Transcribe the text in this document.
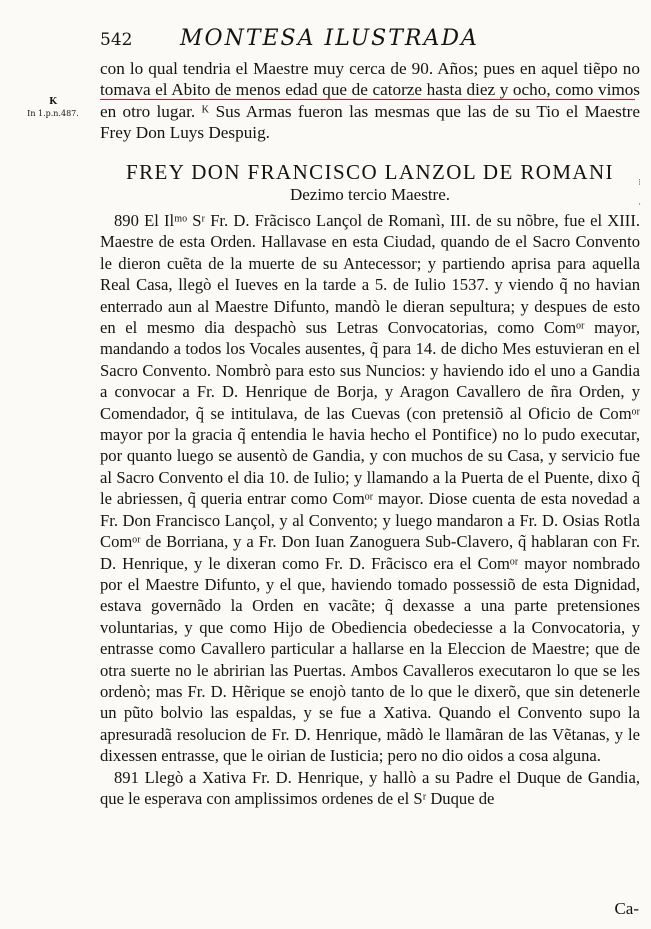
542 MONTESA ILUSTRADA
K
In 1.p.n.487.

con lo qual tendria el Maestre muy cerca de 90. Años; pues en aquel tiẽpo no tomava el Abito de menos edad que de catorze hasta diez y ocho, como vimos en otro lugar. ᴷ Sus Armas fueron las mesmas que las de su Tio el Maestre Frey Don Luys Despuig.

FREY DON FRANCISCO LANZOL DE ROMANI
Dezimo tercio Maestre.

890 El Ilᵐᵒ Sʳ Fr. D. Frãcisco Lançol de Romanì, III. de su nõbre, fue el XIII. Maestre de esta Orden. Hallavase en esta Ciudad, quando de el Sacro Convento le dieron cuẽta de la muerte de su Antecessor; y partiendo aprisa para aquella Real Casa, llegò el Iueves en la tarde a 5. de Iulio 1537. y viendo q̃ no havian enterrado aun al Maestre Difunto, mandò le dieran sepultura; y despues de esto en el mesmo dia despachò sus Letras Convocatorias, como Comᵒʳ mayor, mandando a todos los Vocales ausentes, q̃ para 14. de dicho Mes estuvieran en el Sacro Convento. Nombrò para esto sus Nuncios: y haviendo ido el uno a Gandia a convocar a Fr. D. Henrique de Borja, y Aragon Cavallero de ñra Orden, y Comendador, q̃ se intitulava, de las Cuevas (con pretensiõ al Oficio de Comᵒʳ mayor por la gracia q̃ entendia le havia hecho el Pontifice) no lo pudo executar, por quanto luego se ausentò de Gandia, y con muchos de su Casa, y servicio fue al Sacro Convento el dia 10. de Iulio; y llamando a la Puerta de el Puente, dixo q̃ le abriessen, q̃ queria entrar como Comᵒʳ mayor. Diose cuenta de esta novedad a Fr. Don Francisco Lançol, y al Convento; y luego mandaron a Fr. D. Osias Rotla Comᵒʳ de Borriana, y a Fr. Don Iuan Zanoguera Sub-Clavero, q̃ hablaran con Fr. D. Henrique, y le dixeran como Fr. D. Frãcisco era el Comᵒʳ mayor nombrado por el Maestre Difunto, y el que, haviendo tomado possessiõ de esta Dignidad, estava governãdo la Orden en vacãte; q̃ dexasse a una parte pretensiones voluntarias, y que como Hijo de Obediencia obedeciesse a la Convocatoria, y entrasse como Cavallero particular a hallarse en la Eleccion de Maestre; que de otra suerte no le abririan las Puertas. Ambos Cavalleros executaron lo que se les ordenò; mas Fr. D. Hẽrique se enojò tanto de lo que le dixerõ, que sin detenerle un pũto bolvio las espaldas, y se fue a Xativa. Quando el Convento supo la apresuradã resolucion de Fr. D. Henrique, mãdò le llamãran de las Vẽtanas, y le dixessen entrasse, que le oirian de Iusticia; pero no dio oidos a cosa alguna.

891 Llegò a Xativa Fr. D. Henrique, y hallò a su Padre el Duque de Gandia, que le esperava con amplissimos ordenes de el Sʳ Duque de

⁝
·
Ca-
